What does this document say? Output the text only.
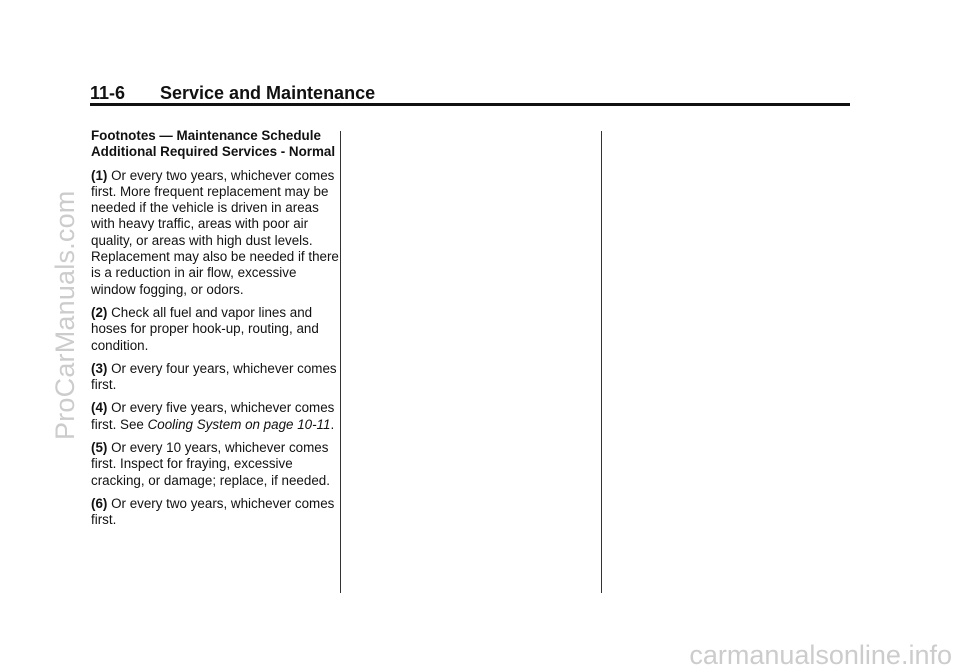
11-6 Service and Maintenance
Footnotes — Maintenance Schedule Additional Required Services - Normal
(1) Or every two years, whichever comes first. More frequent replacement may be needed if the vehicle is driven in areas with heavy traffic, areas with poor air quality, or areas with high dust levels. Replacement may also be needed if there is a reduction in air flow, excessive window fogging, or odors.
(2) Check all fuel and vapor lines and hoses for proper hook-up, routing, and condition.
(3) Or every four years, whichever comes first.
(4) Or every five years, whichever comes first. See Cooling System on page 10-11.
(5) Or every 10 years, whichever comes first. Inspect for fraying, excessive cracking, or damage; replace, if needed.
(6) Or every two years, whichever comes first.
ProCarManuals.com
carmanualsonline.info
